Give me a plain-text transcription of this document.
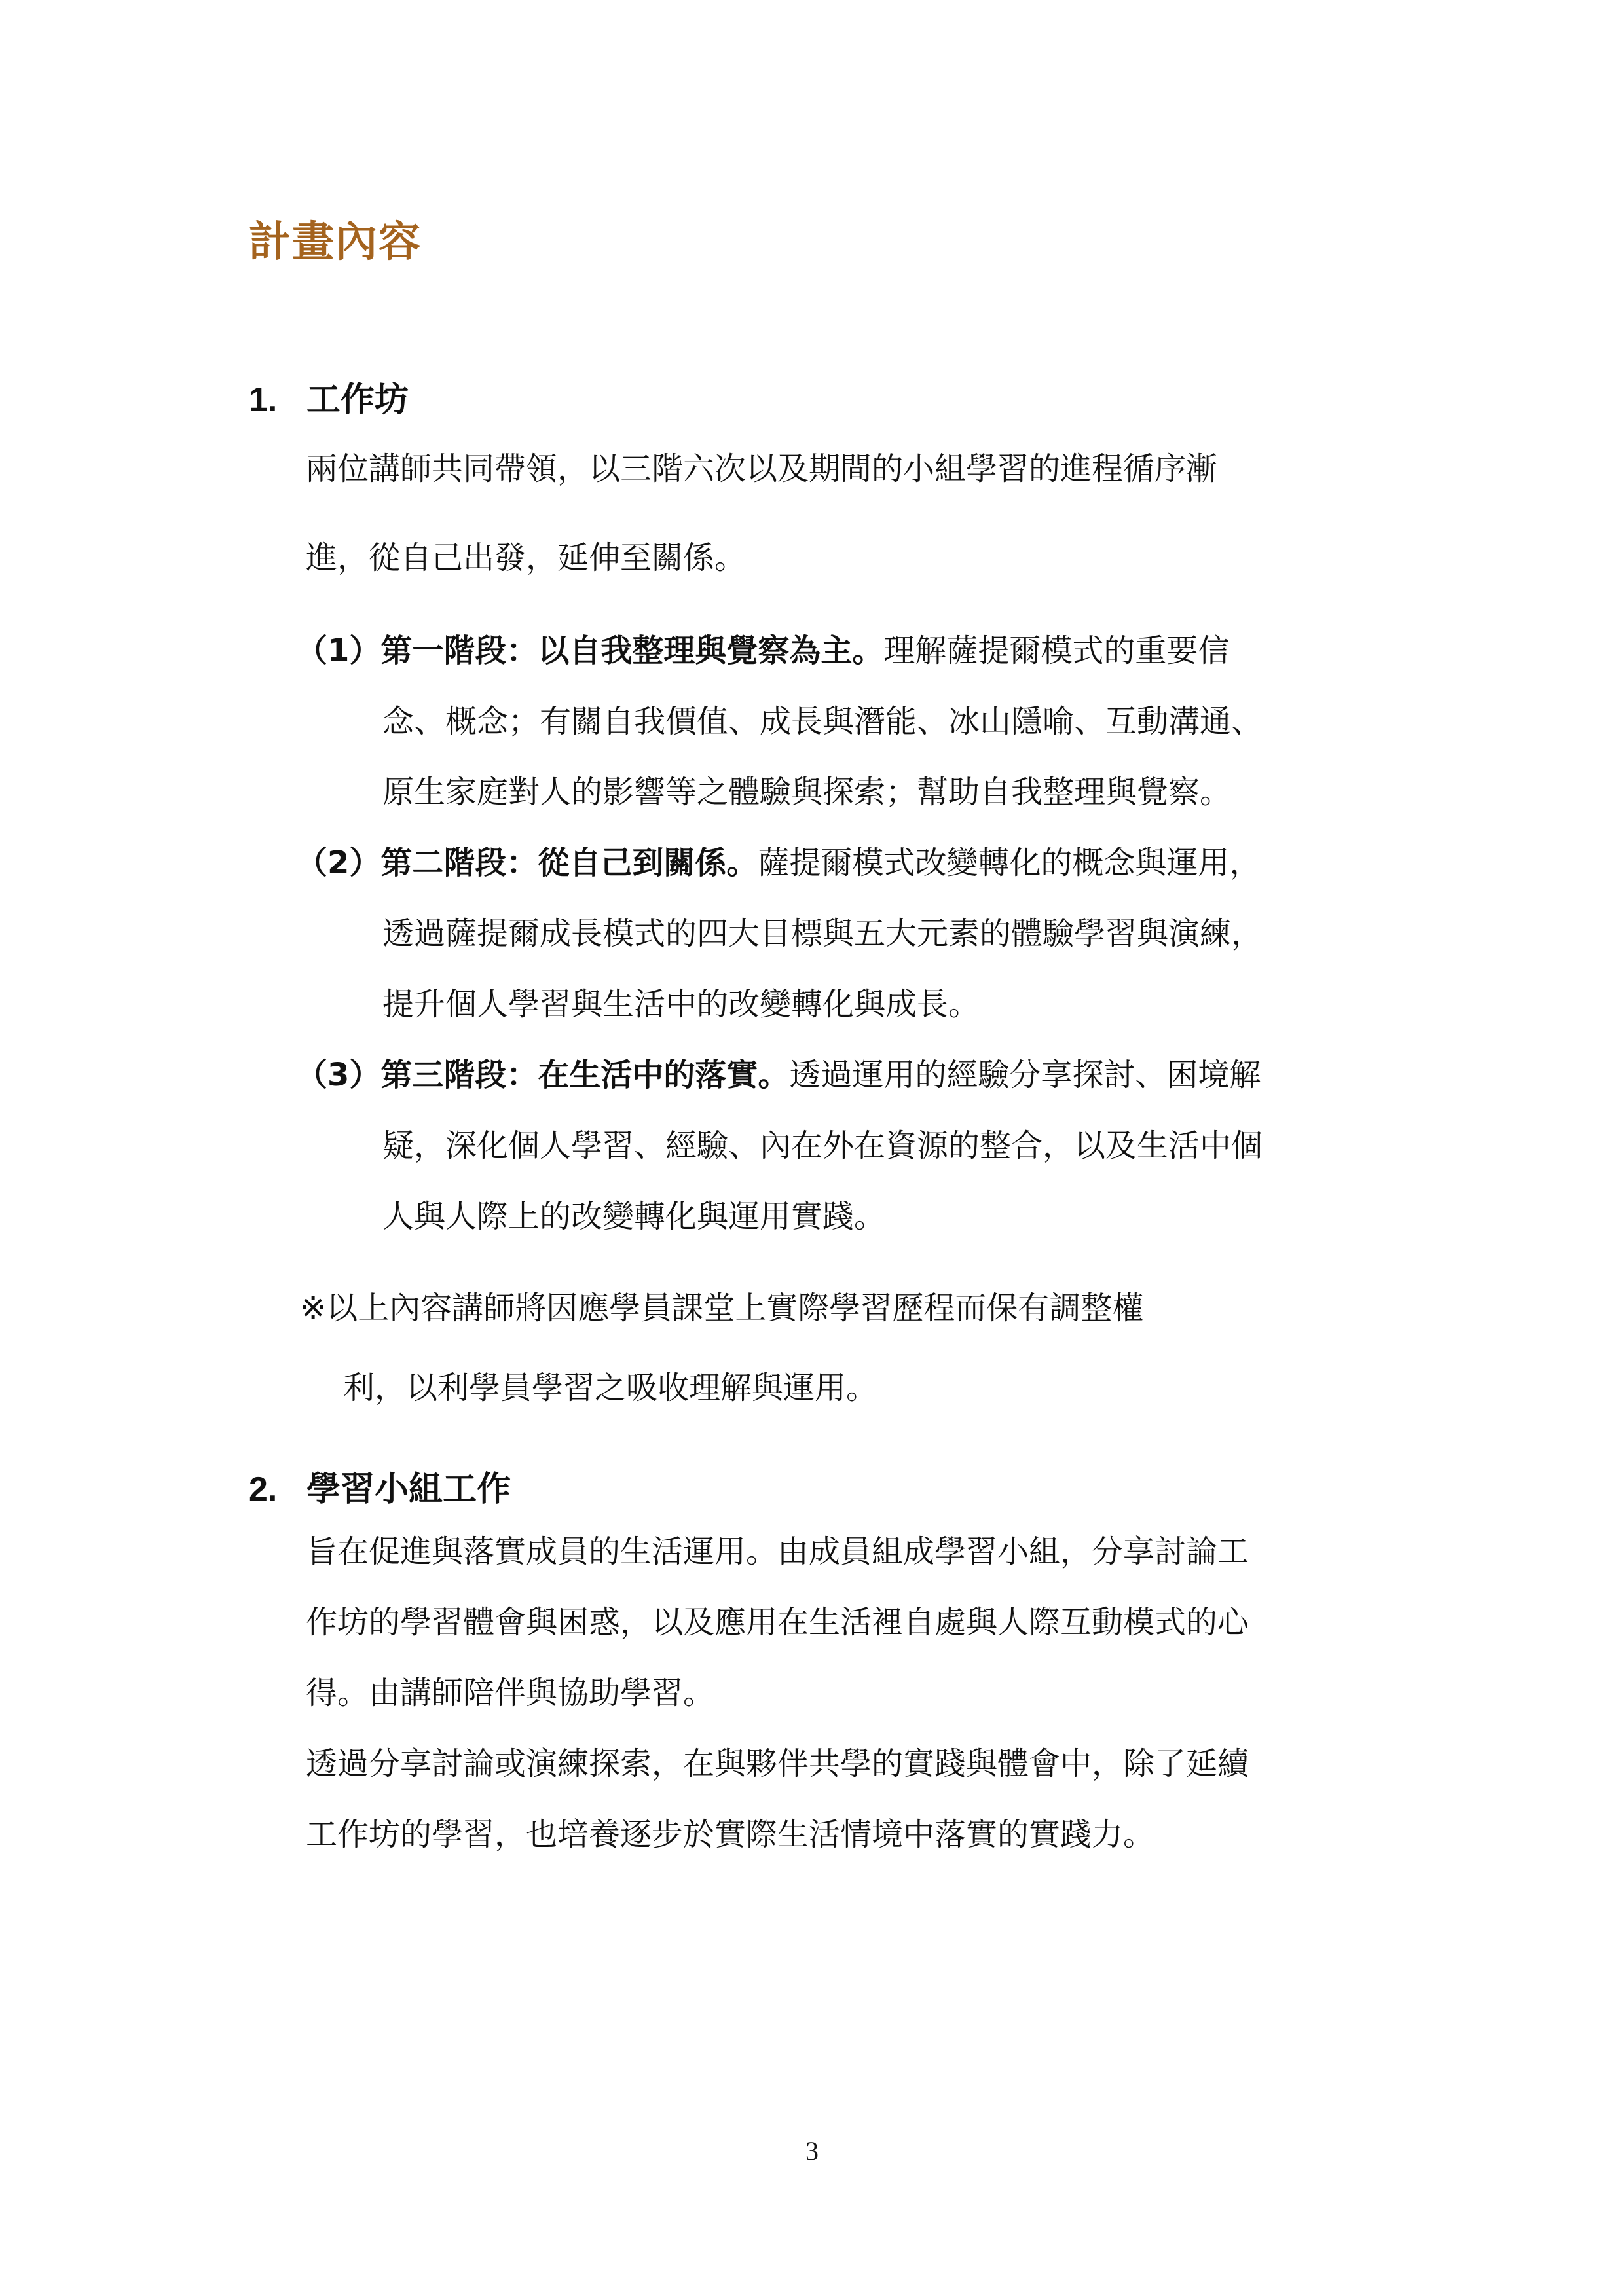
計畫內容
1. 工作坊
兩位講師共同帶領，以三階六次以及期間的小組學習的進程循序漸
進，從自己出發，延伸至關係。
（1）第一階段：以自我整理與覺察為主。理解薩提爾模式的重要信
念、概念；有關自我價值、成長與潛能、冰山隱喻、互動溝通、
原生家庭對人的影響等之體驗與探索；幫助自我整理與覺察。
（2）第二階段：從自己到關係。薩提爾模式改變轉化的概念與運用，
透過薩提爾成長模式的四大目標與五大元素的體驗學習與演練，
提升個人學習與生活中的改變轉化與成長。
（3）第三階段：在生活中的落實。透過運用的經驗分享探討、困境解
疑，深化個人學習、經驗、內在外在資源的整合，以及生活中個
人與人際上的改變轉化與運用實踐。
※以上內容講師將因應學員課堂上實際學習歷程而保有調整權
利，以利學員學習之吸收理解與運用。
2. 學習小組工作
旨在促進與落實成員的生活運用。由成員組成學習小組，分享討論工
作坊的學習體會與困惑，以及應用在生活裡自處與人際互動模式的心
得。由講師陪伴與協助學習。
透過分享討論或演練探索，在與夥伴共學的實踐與體會中，除了延續
工作坊的學習，也培養逐步於實際生活情境中落實的實踐力。
3
